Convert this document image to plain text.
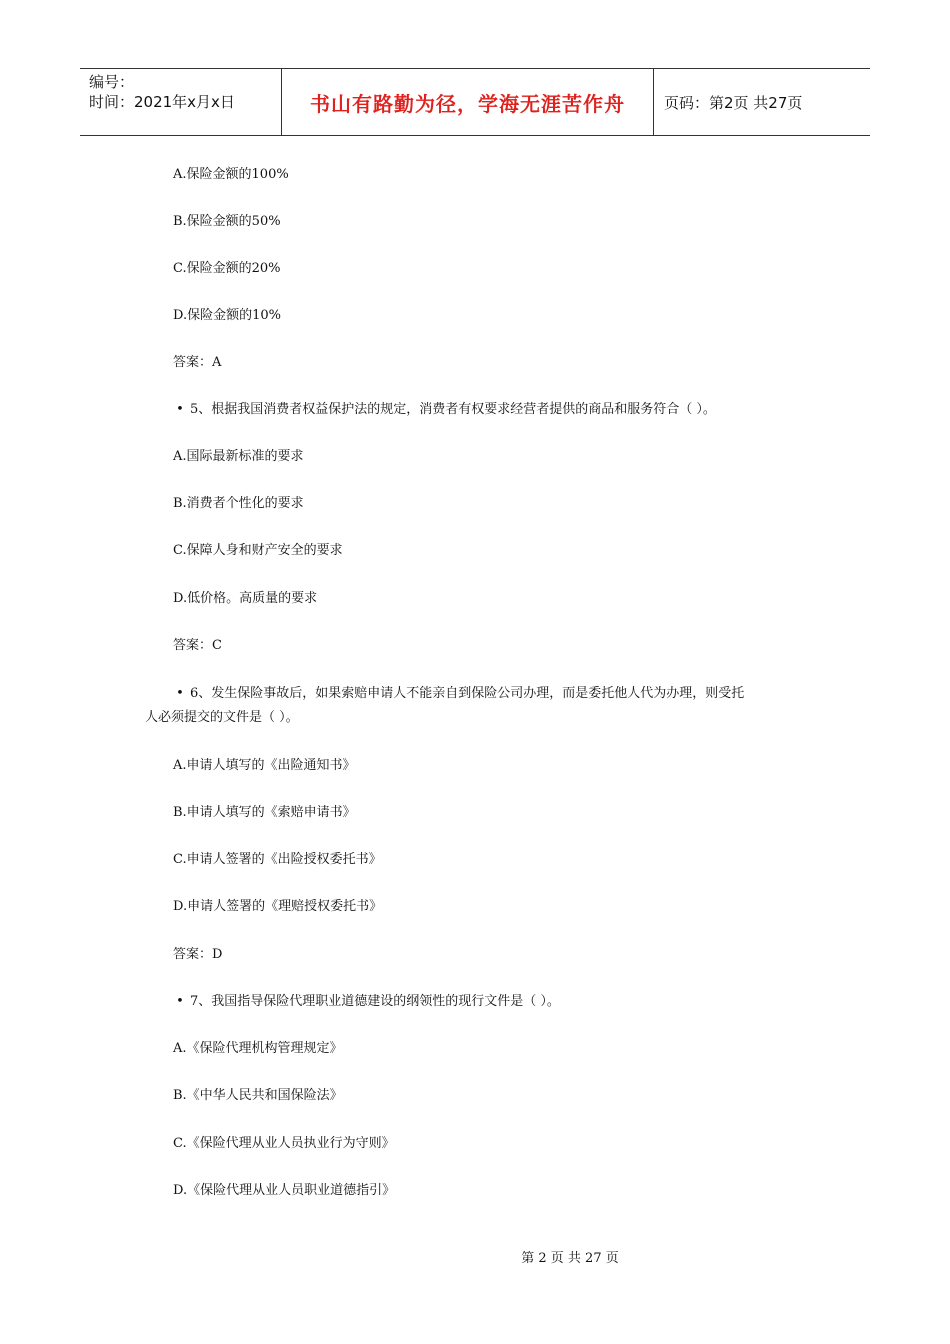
编号：
时间：2021年x月x日	书山有路勤为径，学海无涯苦作舟	页码：第2页 共27页
A.保险金额的100%
B.保险金额的50%
C.保险金额的20%
D.保险金额的10%
答案：A
• 5、根据我国消费者权益保护法的规定，消费者有权要求经营者提供的商品和服务符合（ ）。
A.国际最新标准的要求
B.消费者个性化的要求
C.保障人身和财产安全的要求
D.低价格。高质量的要求
答案：C
• 6、发生保险事故后，如果索赔申请人不能亲自到保险公司办理，而是委托他人代为办理，则受托
人必须提交的文件是（ ）。
A.申请人填写的《出险通知书》
B.申请人填写的《索赔申请书》
C.申请人签署的《出险授权委托书》
D.申请人签署的《理赔授权委托书》
答案：D
• 7、我国指导保险代理职业道德建设的纲领性的现行文件是（ ）。
A.《保险代理机构管理规定》
B.《中华人民共和国保险法》
C.《保险代理从业人员执业行为守则》
D.《保险代理从业人员职业道德指引》
第 2 页 共 27 页
